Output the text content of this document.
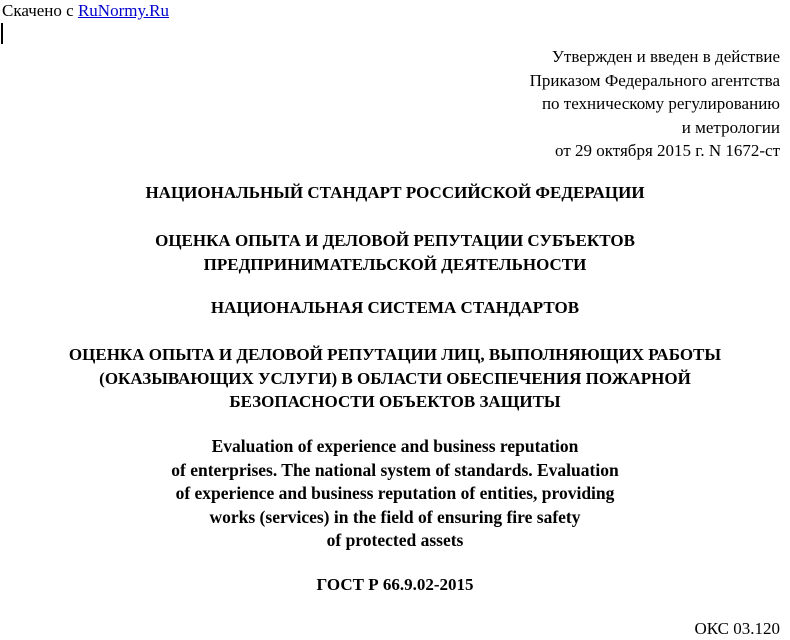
Скачено с RuNormy.Ru
Утвержден и введен в действие
Приказом Федерального агентства
по техническому регулированию
и метрологии
от 29 октября 2015 г. N 1672-ст
НАЦИОНАЛЬНЫЙ СТАНДАРТ РОССИЙСКОЙ ФЕДЕРАЦИИ
ОЦЕНКА ОПЫТА И ДЕЛОВОЙ РЕПУТАЦИИ СУБЪЕКТОВ
ПРЕДПРИНИМАТЕЛЬСКОЙ ДЕЯТЕЛЬНОСТИ
НАЦИОНАЛЬНАЯ СИСТЕМА СТАНДАРТОВ
ОЦЕНКА ОПЫТА И ДЕЛОВОЙ РЕПУТАЦИИ ЛИЦ, ВЫПОЛНЯЮЩИХ РАБОТЫ
(ОКАЗЫВАЮЩИХ УСЛУГИ) В ОБЛАСТИ ОБЕСПЕЧЕНИЯ ПОЖАРНОЙ
БЕЗОПАСНОСТИ ОБЪЕКТОВ ЗАЩИТЫ
Evaluation of experience and business reputation
of enterprises. The national system of standards. Evaluation
of experience and business reputation of entities, providing
works (services) in the field of ensuring fire safety
of protected assets
ГОСТ Р 66.9.02-2015
ОКС 03.120
